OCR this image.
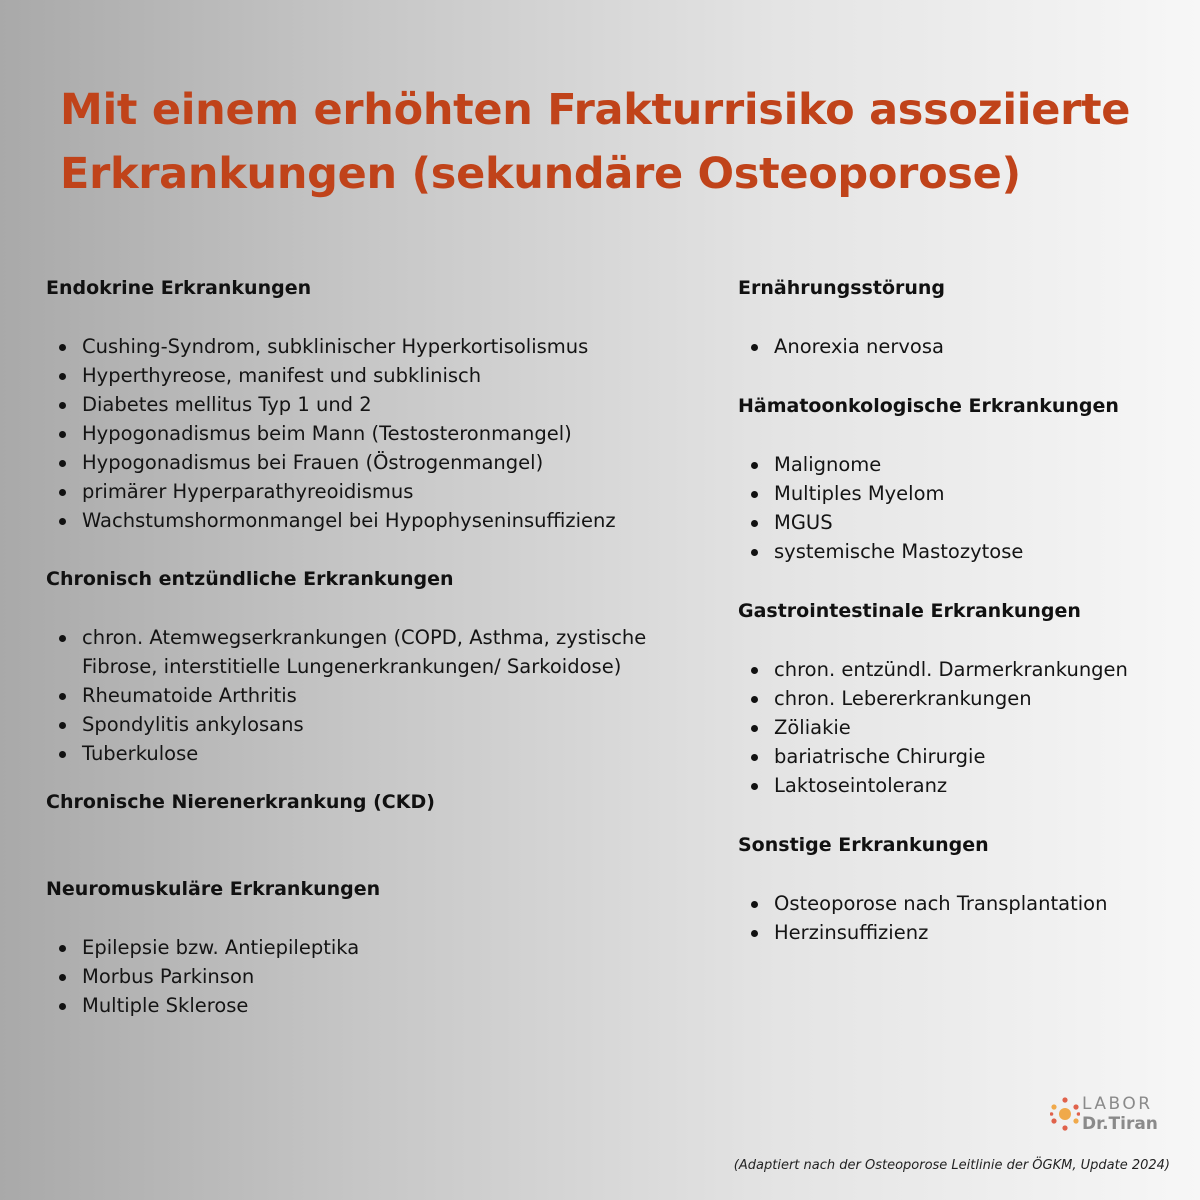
Mit einem erhöhten Frakturrisiko assoziierte
Erkrankungen (sekundäre Osteoporose)
Endokrine Erkrankungen
Cushing-Syndrom, subklinischer Hyperkortisolismus
Hyperthyreose, manifest und subklinisch
Diabetes mellitus Typ 1 und 2
Hypogonadismus beim Mann (Testosteronmangel)
Hypogonadismus bei Frauen (Östrogenmangel)
primärer Hyperparathyreoidismus
Wachstumshormonmangel bei Hypophyseninsuffizienz
Chronisch entzündliche Erkrankungen
chron. Atemwegserkrankungen (COPD, Asthma, zystische Fibrose, interstitielle Lungenerkrankungen/ Sarkoidose)
Rheumatoide Arthritis
Spondylitis ankylosans
Tuberkulose
Chronische Nierenerkrankung (CKD)
Neuromuskuläre Erkrankungen
Epilepsie bzw. Antiepileptika
Morbus Parkinson
Multiple Sklerose
Ernährungsstörung
Anorexia nervosa
Hämatoonkologische Erkrankungen
Malignome
Multiples Myelom
MGUS
systemische Mastozytose
Gastrointestinale Erkrankungen
chron. entzündl. Darmerkrankungen
chron. Lebererkrankungen
Zöliakie
bariatrische Chirurgie
Laktoseintoleranz
Sonstige Erkrankungen
Osteoporose nach Transplantation
Herzinsuffizienz
LABOR
Dr.Tiran
(Adaptiert nach der Osteoporose Leitlinie der ÖGKM, Update 2024)
